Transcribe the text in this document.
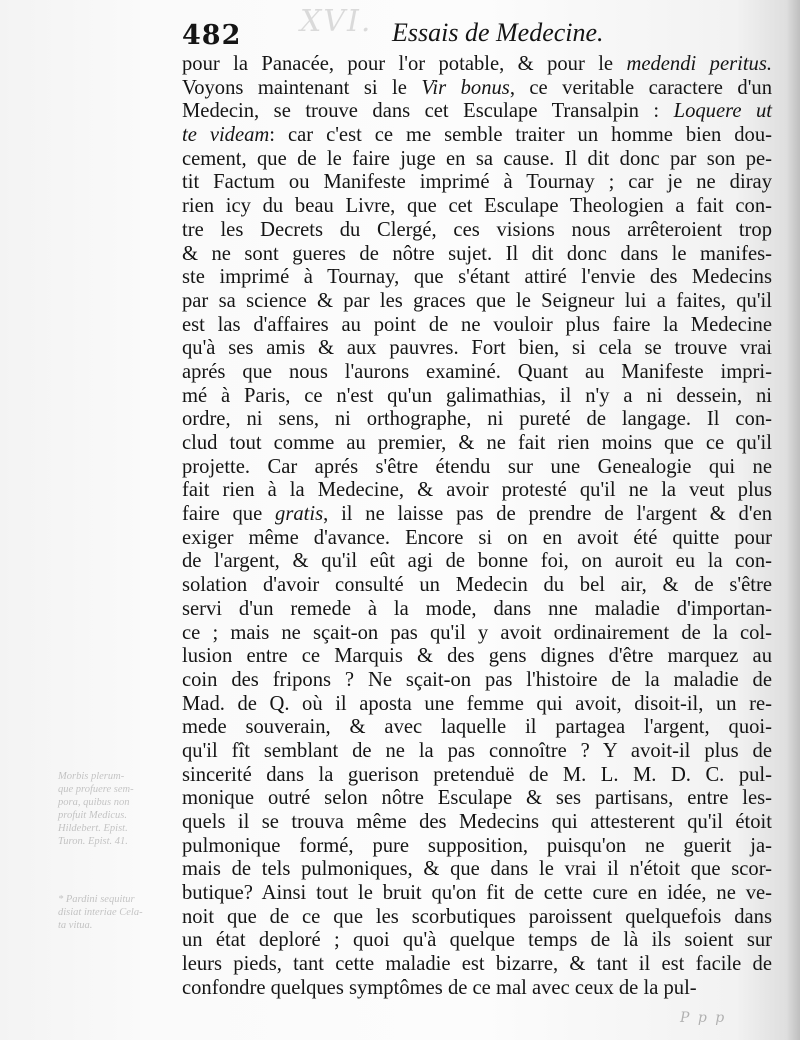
XVI.
482	Essais de Medecine.
pour la Panacée, pour l'or potable, & pour le medendi peritus.
Voyons maintenant si le Vir bonus, ce veritable caractere d'un
Medecin, se trouve dans cet Esculape Transalpin : Loquere ut
te videam: car c'est ce me semble traiter un homme bien dou-
cement, que de le faire juge en sa cause. Il dit donc par son pe-
tit Factum ou Manifeste imprimé à Tournay ; car je ne diray
rien icy du beau Livre, que cet Esculape Theologien a fait con-
tre les Decrets du Clergé, ces visions nous arrêteroient trop
& ne sont gueres de nôtre sujet. Il dit donc dans le manifes-
ste imprimé à Tournay, que s'étant attiré l'envie des Medecins
par sa science & par les graces que le Seigneur lui a faites, qu'il
est las d'affaires au point de ne vouloir plus faire la Medecine
qu'à ses amis & aux pauvres. Fort bien, si cela se trouve vrai
aprés que nous l'aurons examiné. Quant au Manifeste impri-
mé à Paris, ce n'est qu'un galimathias, il n'y a ni dessein, ni
ordre, ni sens, ni orthographe, ni pureté de langage. Il con-
clud tout comme au premier, & ne fait rien moins que ce qu'il
projette. Car aprés s'être étendu sur une Genealogie qui ne
fait rien à la Medecine, & avoir protesté qu'il ne la veut plus
faire que gratis, il ne laisse pas de prendre de l'argent & d'en
exiger même d'avance. Encore si on en avoit été quitte pour
de l'argent, & qu'il eût agi de bonne foi, on auroit eu la con-
solation d'avoir consulté un Medecin du bel air, & de s'être
servi d'un remede à la mode, dans nne maladie d'importan-
ce ; mais ne sçait-on pas qu'il y avoit ordinairement de la col-
lusion entre ce Marquis & des gens dignes d'être marquez au
coin des fripons ? Ne sçait-on pas l'histoire de la maladie de
Mad. de Q. où il aposta une femme qui avoit, disoit-il, un re-
mede souverain, & avec laquelle il partagea l'argent, quoi-
qu'il fît semblant de ne la pas connoître ? Y avoit-il plus de
sincerité dans la guerison pretenduë de M. L. M. D. C. pul-
monique outré selon nôtre Esculape & ses partisans, entre les-
quels il se trouva même des Medecins qui attesterent qu'il étoit
pulmonique formé, pure supposition, puisqu'on ne guerit ja-
mais de tels pulmoniques, & que dans le vrai il n'étoit que scor-
butique? Ainsi tout le bruit qu'on fit de cette cure en idée, ne ve-
noit que de ce que les scorbutiques paroissent quelquefois dans
un état deploré ; quoi qu'à quelque temps de là ils soient sur
leurs pieds, tant cette maladie est bizarre, & tant il est facile de
confondre quelques symptômes de ce mal avec ceux de la pul-
Morbis plerum-
que profuere sem-
pora, quibus non
profuit Medicus.
Hildebert. Epist.
Turon. Epist. 41.
* Pardini sequitur
disiat interiae Cela-
ta vitua.
P p p
